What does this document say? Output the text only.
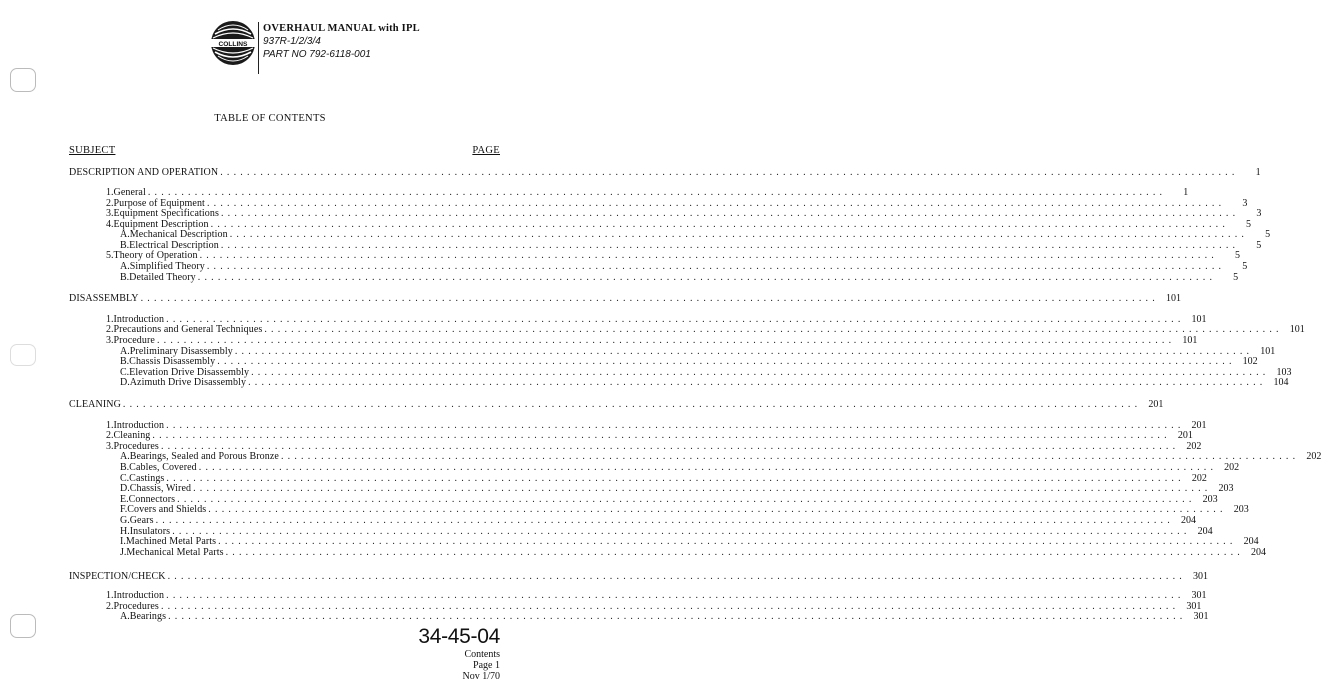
COLLINS
OVERHAUL MANUAL with IPL
937R-1/2/3/4
PART NO 792-6118-001
TABLE OF CONTENTS
SUBJECT	PAGE
DESCRIPTION AND OPERATION ........................................................................................................................................................	1
1. General ........................................................................................................................................................	1
2. Purpose of Equipment ........................................................................................................................................................	3
3. Equipment Specifications ........................................................................................................................................................	3
4. Equipment Description ........................................................................................................................................................	5
A. Mechanical Description ........................................................................................................................................................	5
B. Electrical Description ........................................................................................................................................................	5
5. Theory of Operation ........................................................................................................................................................	5
A. Simplified Theory ........................................................................................................................................................	5
B. Detailed Theory ........................................................................................................................................................	5
DISASSEMBLY ........................................................................................................................................................ 101
1. Introduction ........................................................................................................................................................ 101
2. Precautions and General Techniques ........................................................................................................................................................ 101
3. Procedure ........................................................................................................................................................ 101
A. Preliminary Disassembly ........................................................................................................................................................ 101
B. Chassis Disassembly ........................................................................................................................................................ 102
C. Elevation Drive Disassembly ........................................................................................................................................................ 103
D. Azimuth Drive Disassembly ........................................................................................................................................................ 104
CLEANING ........................................................................................................................................................ 201
1. Introduction ........................................................................................................................................................ 201
2. Cleaning ........................................................................................................................................................ 201
3. Procedures ........................................................................................................................................................ 202
A. Bearings, Sealed and Porous Bronze ........................................................................................................................................................ 202
B. Cables, Covered ........................................................................................................................................................ 202
C. Castings ........................................................................................................................................................ 202
D. Chassis, Wired ........................................................................................................................................................ 203
E. Connectors ........................................................................................................................................................ 203
F. Covers and Shields ........................................................................................................................................................ 203
G. Gears ........................................................................................................................................................ 204
H. Insulators ........................................................................................................................................................ 204
I. Machined Metal Parts ........................................................................................................................................................ 204
J. Mechanical Metal Parts ........................................................................................................................................................ 204
INSPECTION/CHECK ........................................................................................................................................................ 301
1. Introduction ........................................................................................................................................................ 301
2. Procedures ........................................................................................................................................................ 301
A. Bearings ........................................................................................................................................................ 301
34-45-04
Contents
Page 1
Nov 1/70
